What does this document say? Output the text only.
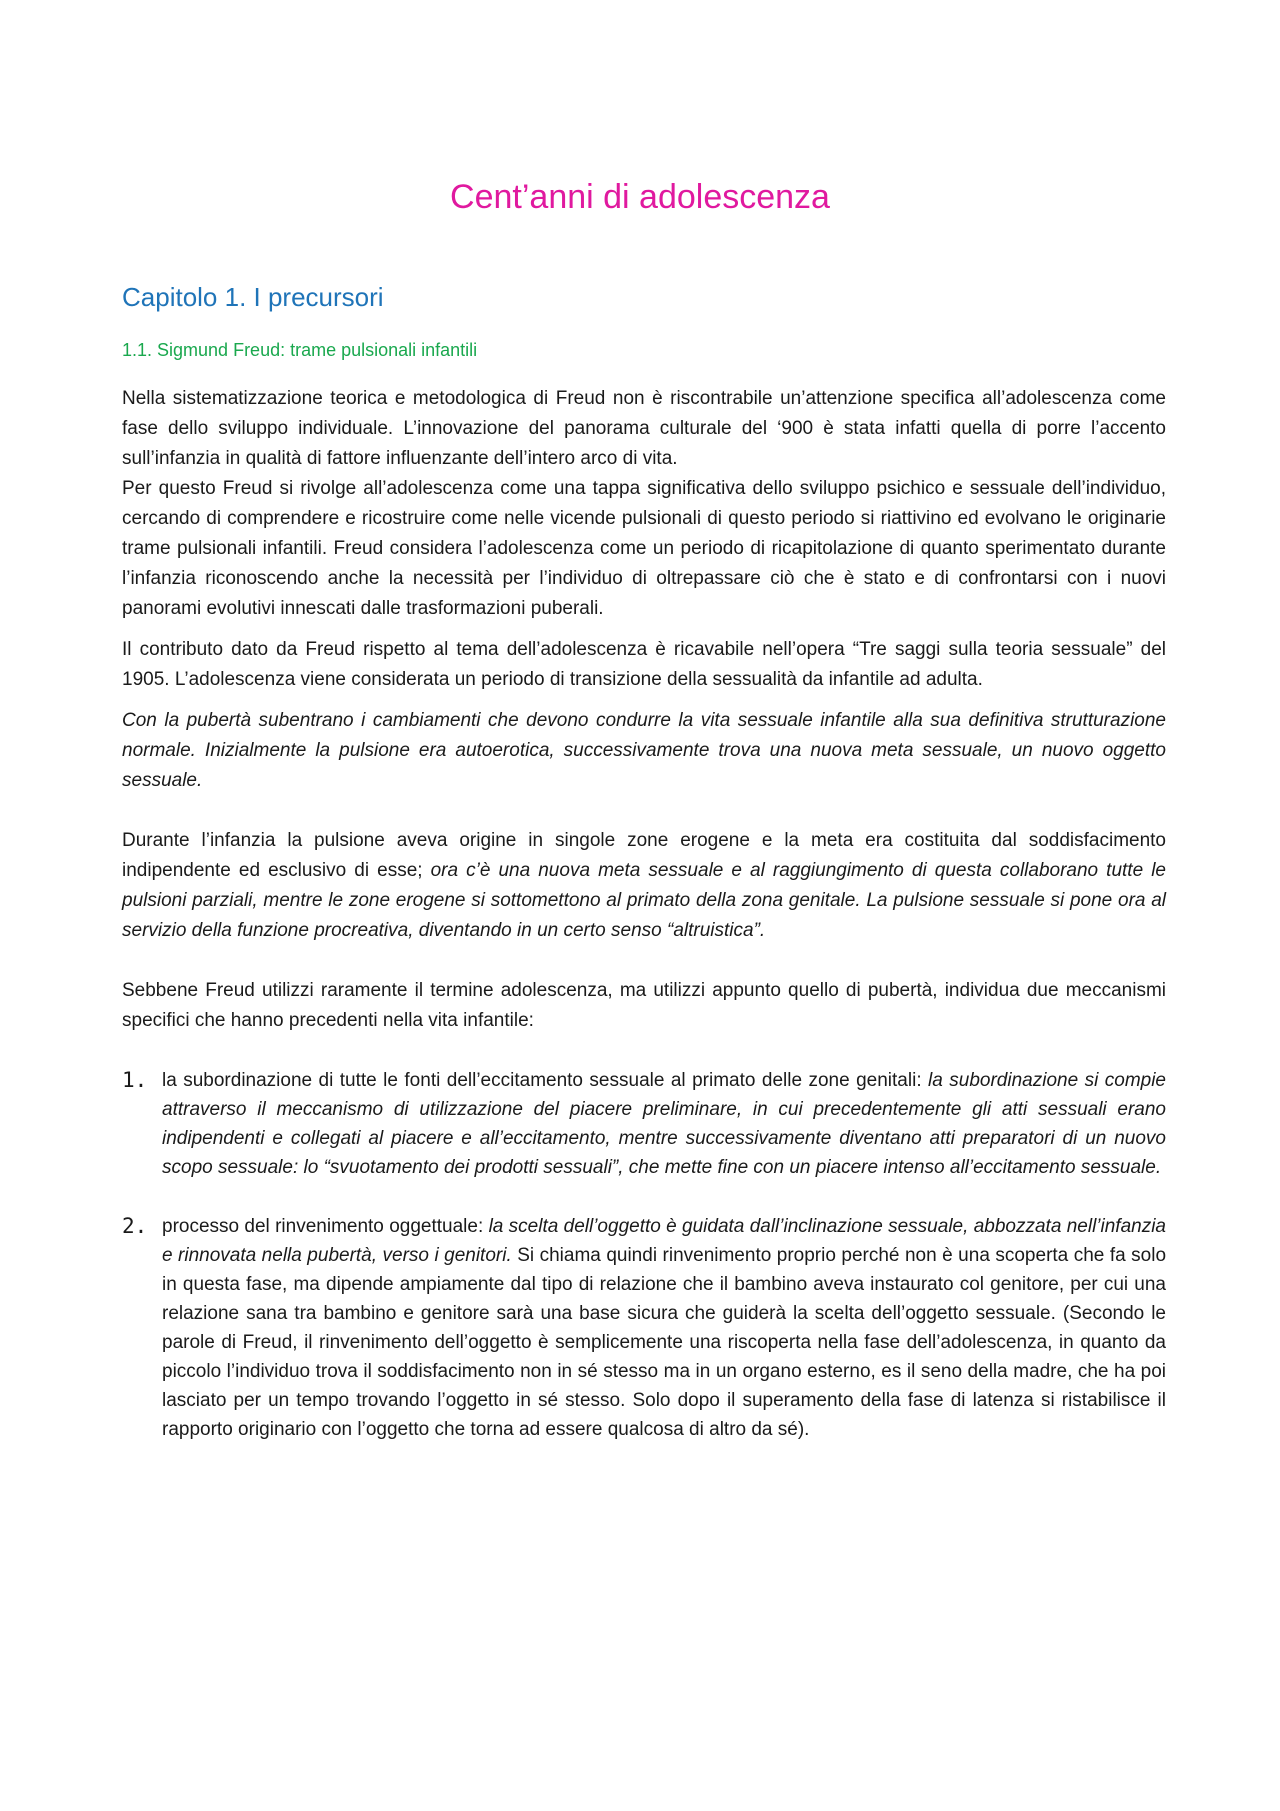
Cent’anni di adolescenza
Capitolo 1. I precursori
1.1. Sigmund Freud: trame pulsionali infantili

Nella sistematizzazione teorica e metodologica di Freud non è riscontrabile un’attenzione specifica all’adolescenza come fase dello sviluppo individuale. L’innovazione del panorama culturale del ‘900 è stata infatti quella di porre l’accento sull’infanzia in qualità di fattore influenzante dell’intero arco di vita.

Per questo Freud si rivolge all’adolescenza come una tappa significativa dello sviluppo psichico e sessuale dell’individuo, cercando di comprendere e ricostruire come nelle vicende pulsionali di questo periodo si riattivino ed evolvano le originarie trame pulsionali infantili. Freud considera l’adolescenza come un periodo di ricapitolazione di quanto sperimentato durante l’infanzia riconoscendo anche la necessità per l’individuo di oltrepassare ciò che è stato e di confrontarsi con i nuovi panorami evolutivi innescati dalle trasformazioni puberali.

Il contributo dato da Freud rispetto al tema dell’adolescenza è ricavabile nell’opera “Tre saggi sulla teoria sessuale” del 1905. L’adolescenza viene considerata un periodo di transizione della sessualità da infantile ad adulta.

Con la pubertà subentrano i cambiamenti che devono condurre la vita sessuale infantile alla sua definitiva strutturazione normale. Inizialmente la pulsione era autoerotica, successivamente trova una nuova meta sessuale, un nuovo oggetto sessuale.

Durante l’infanzia la pulsione aveva origine in singole zone erogene e la meta era costituita dal soddisfacimento indipendente ed esclusivo di esse; ora c’è una nuova meta sessuale e al raggiungimento di questa collaborano tutte le pulsioni parziali, mentre le zone erogene si sottomettono al primato della zona genitale. La pulsione sessuale si pone ora al servizio della funzione procreativa, diventando in un certo senso “altruistica”.

Sebbene Freud utilizzi raramente il termine adolescenza, ma utilizzi appunto quello di pubertà, individua due meccanismi specifici che hanno precedenti nella vita infantile:

1. la subordinazione di tutte le fonti dell’eccitamento sessuale al primato delle zone genitali: la subordinazione si compie attraverso il meccanismo di utilizzazione del piacere preliminare, in cui precedentemente gli atti sessuali erano indipendenti e collegati al piacere e all’eccitamento, mentre successivamente diventano atti preparatori di un nuovo scopo sessuale: lo “svuotamento dei prodotti sessuali”, che mette fine con un piacere intenso all’eccitamento sessuale.
2. processo del rinvenimento oggettuale: la scelta dell’oggetto è guidata dall’inclinazione sessuale, abbozzata nell’infanzia e rinnovata nella pubertà, verso i genitori. Si chiama quindi rinvenimento proprio perché non è una scoperta che fa solo in questa fase, ma dipende ampiamente dal tipo di relazione che il bambino aveva instaurato col genitore, per cui una relazione sana tra bambino e genitore sarà una base sicura che guiderà la scelta dell’oggetto sessuale. (Secondo le parole di Freud, il rinvenimento dell’oggetto è semplicemente una riscoperta nella fase dell’adolescenza, in quanto da piccolo l’individuo trova il soddisfacimento non in sé stesso ma in un organo esterno, es il seno della madre, che ha poi lasciato per un tempo trovando l’oggetto in sé stesso. Solo dopo il superamento della fase di latenza si ristabilisce il rapporto originario con l’oggetto che torna ad essere qualcosa di altro da sé).
